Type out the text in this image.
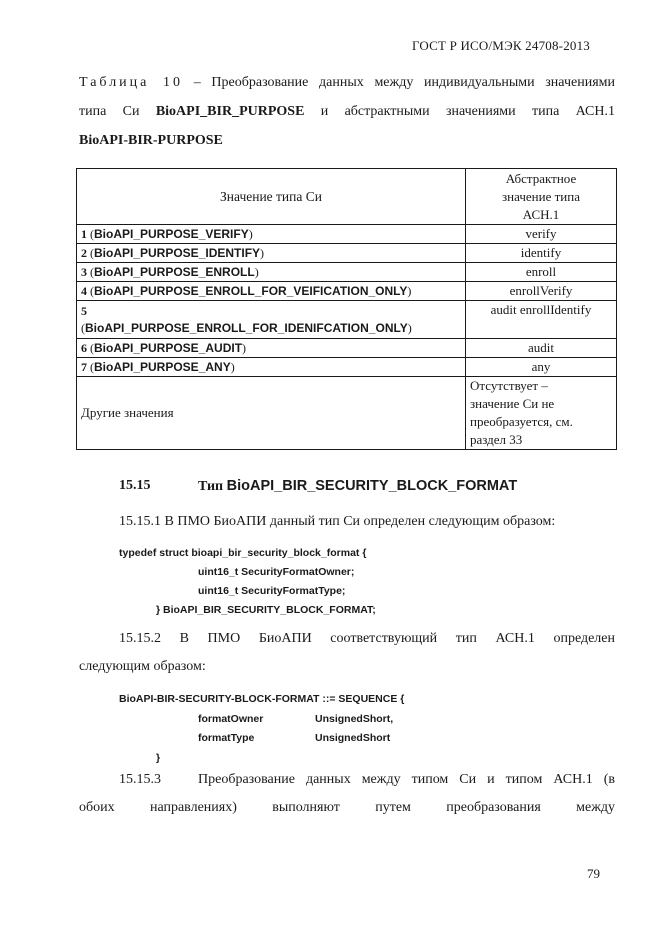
ГОСТ Р ИСО/МЭК 24708-2013
Таблица 10 – Преобразование данных между индивидуальными значениями
типа Си BioAPI_BIR_PURPOSE и абстрактными значениями типа АСН.1
BioAPI-BIR-PURPOSE
Значение типа Си	Абстрактное
значение типа
АСН.1

1 (BioAPI_PURPOSE_VERIFY)	verify
2 (BioAPI_PURPOSE_IDENTIFY)	identify
3 (BioAPI_PURPOSE_ENROLL)	enroll
4 (BioAPI_PURPOSE_ENROLL_FOR_VEIFICATION_ONLY)	enrollVerify
5
(BioAPI_PURPOSE_ENROLL_FOR_IDENIFCATION_ONLY)	audit enrollIdentify
6 (BioAPI_PURPOSE_AUDIT)	audit
7 (BioAPI_PURPOSE_ANY)	any
Другие значения	Отсутствует –
значение Си не
преобразуется, см.
раздел 33
15.15	Тип BioAPI_BIR_SECURITY_BLOCK_FORMAT
15.15.1 В ПМО БиоАПИ данный тип Си определен следующим образом:
typedef struct bioapi_bir_security_block_format {
uint16_t SecurityFormatOwner;
uint16_t SecurityFormatType;
} BioAPI_BIR_SECURITY_BLOCK_FORMAT;
15.15.2 В ПМО БиоАПИ соответствующий тип АСН.1 определен
следующим образом:
BioAPI-BIR-SECURITY-BLOCK-FORMAT ::= SEQUENCE {
formatOwner	UnsignedShort,
formatType	UnsignedShort
}
15.15.3	Преобразование данных между типом Си и типом АСН.1 (в
обоих направлениях) выполняют путем преобразования между
79
